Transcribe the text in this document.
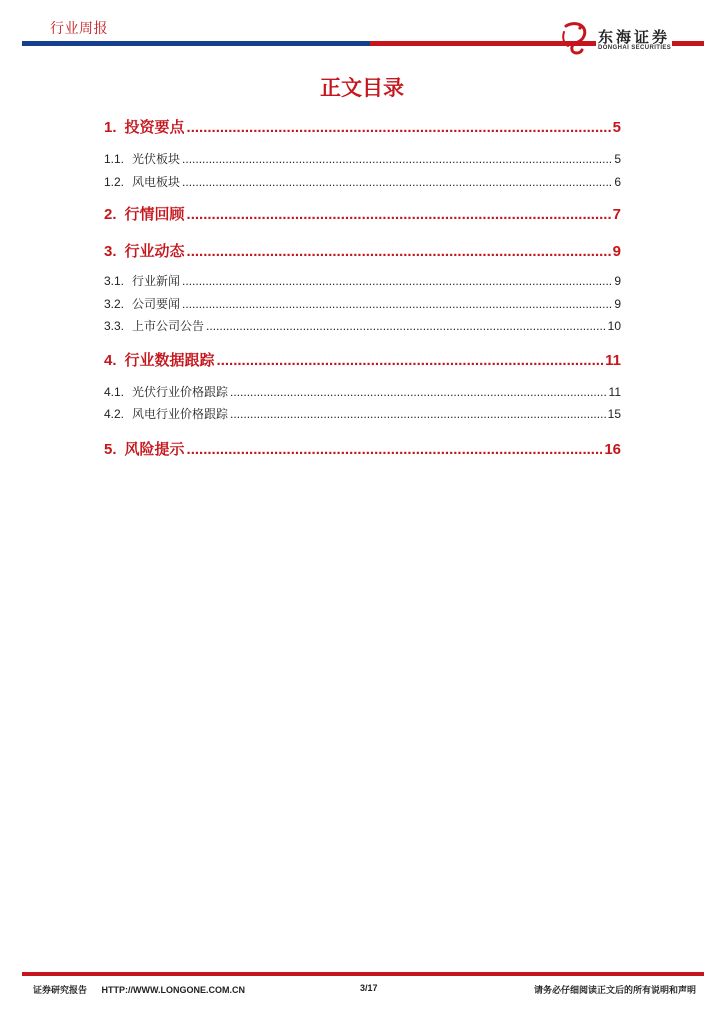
行业周报
东海证券
DONGHAI SECURITIES
正文目录
1. 投资要点 .....	5
1.1. 光伏板块 .....	5
1.2. 风电板块 .....	6
2. 行情回顾 .....	7
3. 行业动态 .....	9
3.1. 行业新闻 .....	9
3.2. 公司要闻 .....	9
3.3. 上市公司公告 .....	10
4. 行业数据跟踪 .....	11
4.1. 光伏行业价格跟踪 .....	11
4.2. 风电行业价格跟踪 .....	15
5. 风险提示 .....	16
证券研究报告 HTTP://WWW.LONGONE.COM.CN	3/17	请务必仔细阅读正文后的所有说明和声明
